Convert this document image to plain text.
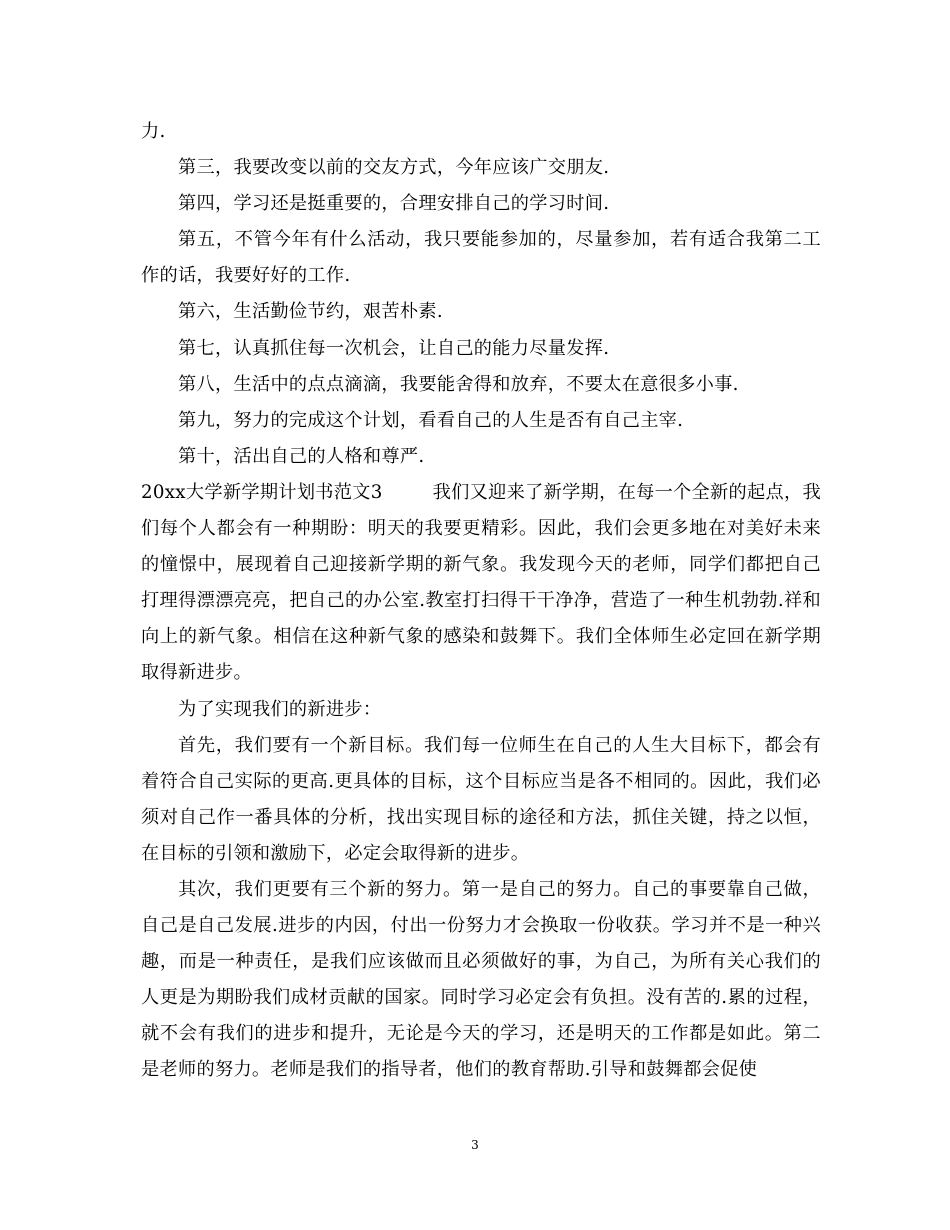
力.

第三，我要改变以前的交友方式，今年应该广交朋友.

第四，学习还是挺重要的，合理安排自己的学习时间.

第五，不管今年有什么活动，我只要能参加的，尽量参加，若有适合我第二工作的话，我要好好的工作.

第六，生活勤俭节约，艰苦朴素.

第七，认真抓住每一次机会，让自己的能力尽量发挥.

第八，生活中的点点滴滴，我要能舍得和放弃，不要太在意很多小事.

第九，努力的完成这个计划，看看自己的人生是否有自己主宰.

第十，活出自己的人格和尊严.

20xx大学新学期计划书范文3	我们又迎来了新学期，在每一个全新的起点，我们每个人都会有一种期盼：明天的我要更精彩。因此，我们会更多地在对美好未来的憧憬中，展现着自己迎接新学期的新气象。我发现今天的老师，同学们都把自己打理得漂漂亮亮，把自己的办公室.教室打扫得干干净净，营造了一种生机勃勃.祥和向上的新气象。相信在这种新气象的感染和鼓舞下。我们全体师生必定回在新学期取得新进步。

为了实现我们的新进步：

首先，我们要有一个新目标。我们每一位师生在自己的人生大目标下，都会有着符合自己实际的更高.更具体的目标，这个目标应当是各不相同的。因此，我们必须对自己作一番具体的分析，找出实现目标的途径和方法，抓住关键，持之以恒，在目标的引领和激励下，必定会取得新的进步。

其次，我们更要有三个新的努力。第一是自己的努力。自己的事要靠自己做，自己是自己发展.进步的内因，付出一份努力才会换取一份收获。学习并不是一种兴趣，而是一种责任，是我们应该做而且必须做好的事，为自己，为所有关心我们的人更是为期盼我们成材贡献的国家。同时学习必定会有负担。没有苦的.累的过程，就不会有我们的进步和提升，无论是今天的学习，还是明天的工作都是如此。第二是老师的努力。老师是我们的指导者，他们的教育帮助.引导和鼓舞都会促使

3
